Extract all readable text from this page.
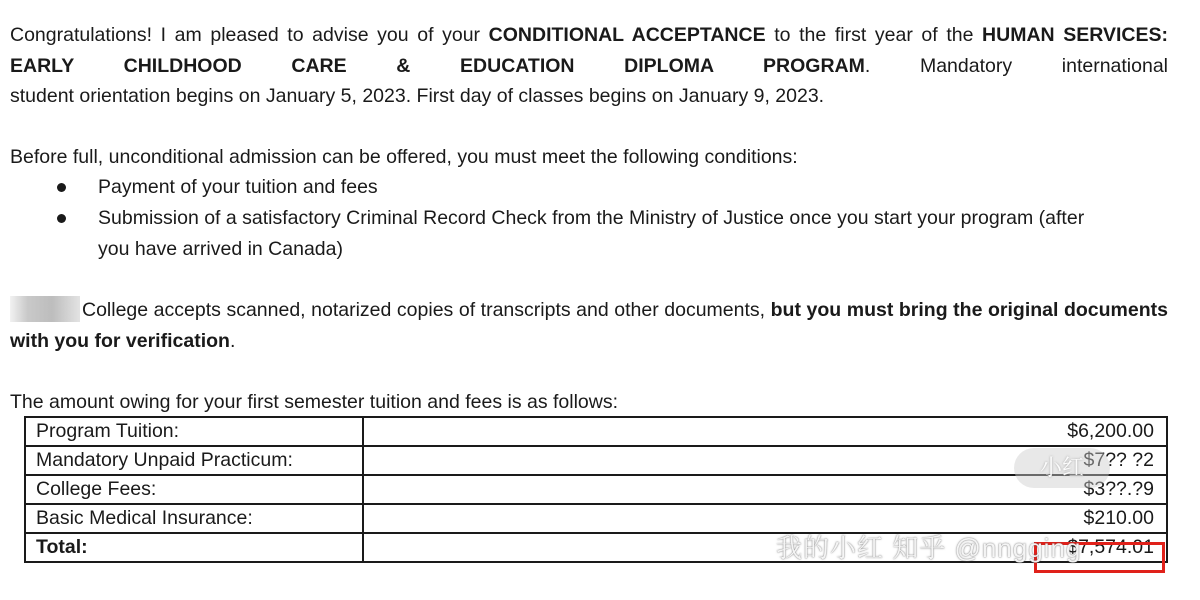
Congratulations! I am pleased to advise you of your CONDITIONAL ACCEPTANCE to the first year of the HUMAN SERVICES: EARLY CHILDHOOD CARE & EDUCATION DIPLOMA PROGRAM. Mandatory international

student orientation begins on January 5, 2023. First day of classes begins on January 9, 2023.

Before full, unconditional admission can be offered, you must meet the following conditions:

Payment of your tuition and fees
Submission of a satisfactory Criminal Record Check from the Ministry of Justice once you start your program (after you have arrived in Canada)

College accepts scanned, notarized copies of transcripts and other documents, but you must bring the original documents with you for verification.

The amount owing for your first semester tuition and fees is as follows:

Program Tuition:	$6,200.00
Mandatory Unpaid Practicum:	$7?? ?2
College Fees:	$3??.?9
Basic Medical Insurance:	$210.00
Total:	$7,574.01
小红
我的小红 知乎 @nngging
